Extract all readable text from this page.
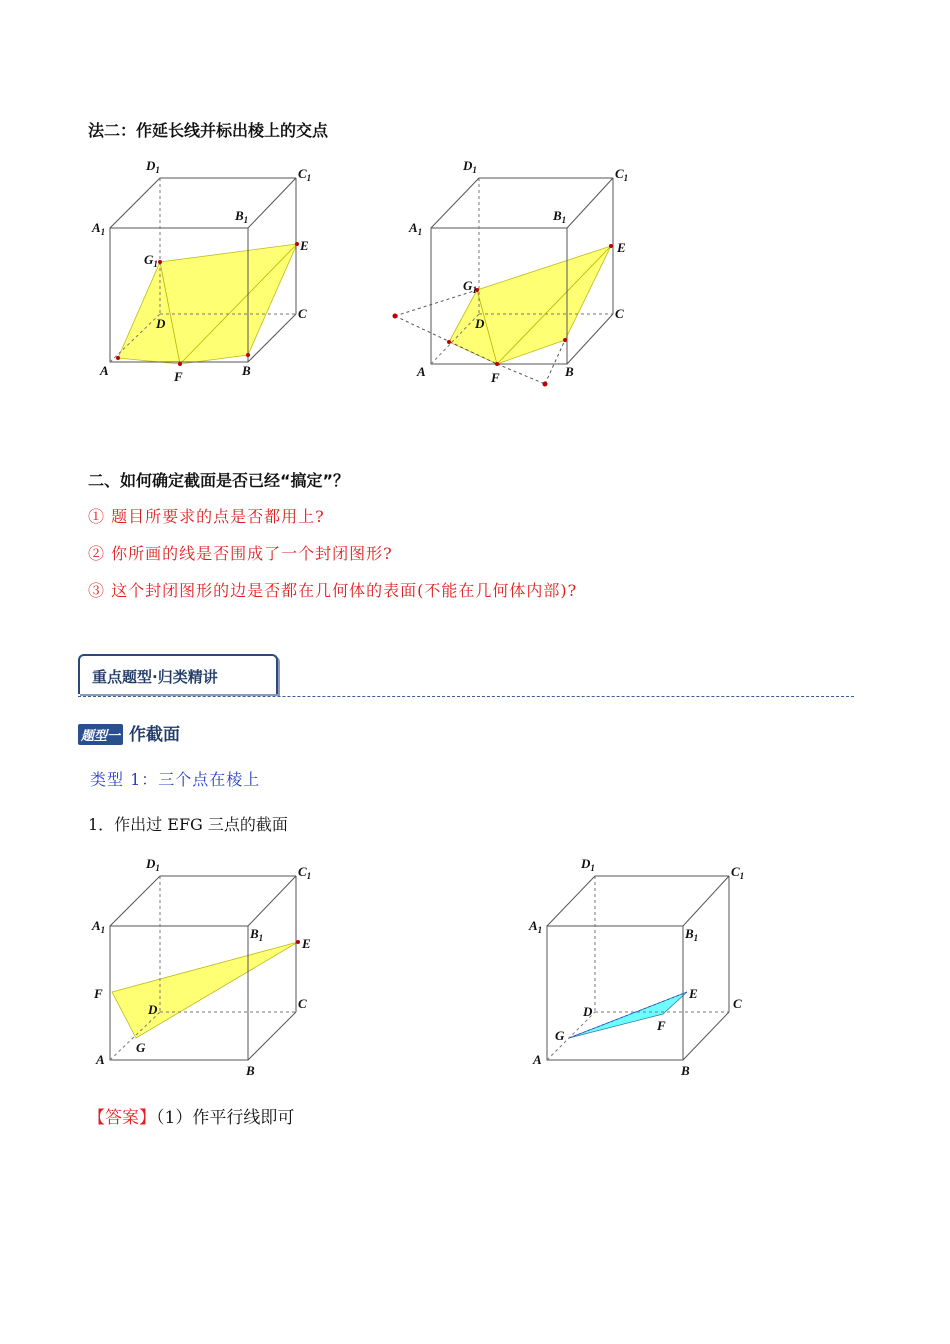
法二：作延长线并标出棱上的交点
$D_1$	$C_1$
$A_1$
$B_1$
E
$G_1$
D
C
A	F	B
$D_1$	$C_1$
$A_1$
$B_1$
E
$G_1$
D
C
A	F	B
二、如何确定截面是否已经“搞定”？
① 题目所要求的点是否都用上?
② 你所画的线是否围成了一个封闭图形?
③ 这个封闭图形的边是否都在几何体的表面(不能在几何体内部)?
重点题型·归类精讲
题型一 作截面
类型 1：三个点在棱上
1．作出过 EFG 三点的截面
$D_1$	$C_1$
$A_1$	$B_1$	E
F
D	C
G
A
B
$D_1$	$C_1$
$A_1$	$B_1$
E
D
C
F
G
A
B
【答案】（1）作平行线即可
